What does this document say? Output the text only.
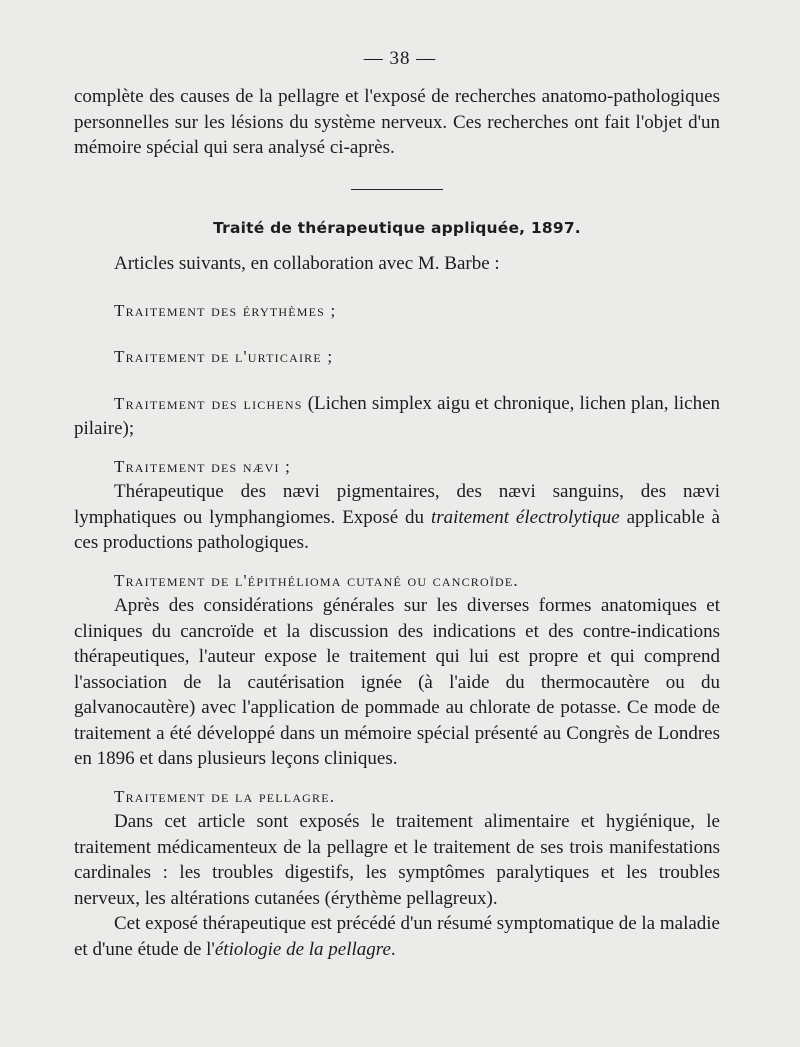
— 38 —

complète des causes de la pellagre et l'exposé de recherches anatomo-pathologiques personnelles sur les lésions du système nerveux. Ces recherches ont fait l'objet d'un mémoire spécial qui sera analysé ci-après.

Traité de thérapeutique appliquée, 1897.

Articles suivants, en collaboration avec M. Barbe :

Traitement des érythèmes ;

Traitement de l'urticaire ;

Traitement des lichens (Lichen simplex aigu et chronique, lichen plan, lichen pilaire);

Traitement des nævi ;

Thérapeutique des nævi pigmentaires, des nævi sanguins, des nævi lymphatiques ou lymphangiomes. Exposé du traitement électrolytique applicable à ces productions pathologiques.

Traitement de l'épithélioma cutané ou cancroïde.

Après des considérations générales sur les diverses formes anatomiques et cliniques du cancroïde et la discussion des indications et des contre-indications thérapeutiques, l'auteur expose le traitement qui lui est propre et qui comprend l'association de la cautérisation ignée (à l'aide du thermocautère ou du galvanocautère) avec l'application de pommade au chlorate de potasse. Ce mode de traitement a été développé dans un mémoire spécial présenté au Congrès de Londres en 1896 et dans plusieurs leçons cliniques.

Traitement de la pellagre.

Dans cet article sont exposés le traitement alimentaire et hygiénique, le traitement médicamenteux de la pellagre et le traitement de ses trois manifestations cardinales : les troubles digestifs, les symptômes paralytiques et les troubles nerveux, les altérations cutanées (érythème pellagreux).

Cet exposé thérapeutique est précédé d'un résumé symptomatique de la maladie et d'une étude de l'étiologie de la pellagre.
